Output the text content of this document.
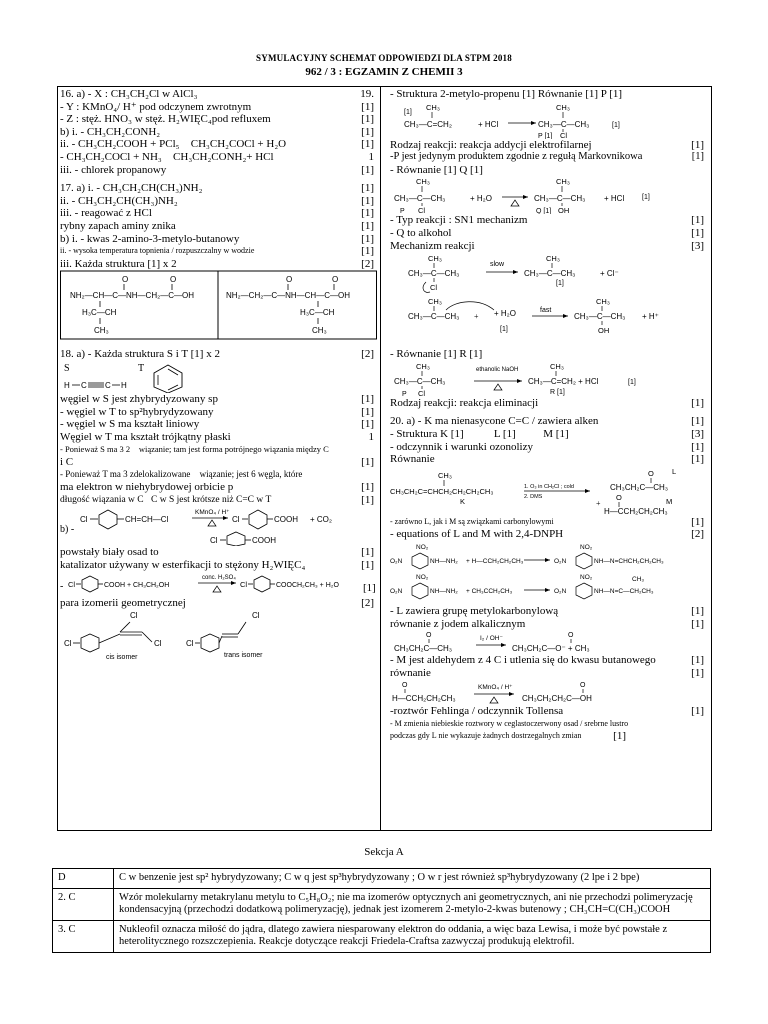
SYMULACYJNY SCHEMAT ODPOWIEDZI DLA STPM 2018
962 / 3 : EGZAMIN Z CHEMII 3
16. a) - X : CH₃CH₂Cl w AlCl₃	19.
- Y : KMnO₄/ H⁺ pod odczynem zwrotnym	[1]
- Z : stęż. HNO₃ w stęż. H₂WIĘC₄pod refluxem	[1]
b) i. - CH₃CH₂CONH₂	[1]
ii. - CH₃CH₂COOH + PCl₅⃞ CH₃CH₂COCl + H₂O	[1]
- CH₃CH₂COCl + NH₃⃞ CH₃CH₂CONH₂+ HCl	1
iii. - chlorek propanowy	[1]
17. a) i. - CH₃CH₂CH(CH₃)NH₂	[1]
ii. - CH₃CH₂CH(CH₃)NH₂	[1]
iii. - reagować z HCl	[1]
rybny zapach aminy znika	[1]
b) i. - kwas 2-amino-3-metylo-butanowy	[1]
ii. - wysoka temperatura topnienia / rozpuszczalny w wodzie	[1]
iii. Każda struktura [1] x 2	[2]
O	O
NH₂—CH—C—NH—CH₂—C—OH
H₃C—CH
CH₃
O	O
NH₂—CH₂—C—NH—CH—C—OH
H₃C—CH
CH₃
18. a) - Każda struktura S i T [1] x 2	[2]
S	T
H C C H
węgiel w S jest zhybrydyzowany sp	[1]
- węgiel w T to sp²hybrydyzowany	[1]
- węgiel w S ma kształt liniowy	[1]
Węgiel w T ma kształt trójkątny płaski	1
- Ponieważ S ma 3 2⃞ wiązanie; tam jest forma potrójnego wiązania między C
i C	[1]
- Ponieważ T ma 3 zdelokalizowane⃞ wiązanie; jest 6 węgla, które
ma elektron w niehybrydowej orbicie p	[1]
długość wiązania w C⃞C w S jest krótsze niż C=C w T	[1]
b) -
Cl	CH=CH—Cl
KMnO₄ / H⁺
Cl	COOH + CO₂
Cl	COOH
powstały biały osad to	[1]
katalizator używany w esterfikacji to stężony H₂WIĘC₄	[1]
- Cl	COOH + CH₃CH₂OH
conc. H₂SO₄
Cl	COOCH₂CH₃ + H₂O [1]
para izomerii geometrycznej	[2]
Cl
Cl
Cl
cis isomer
Cl
Cl
trans isomer
- Struktura 2-metylo-propenu [1] Równanie [1] P [1]
CH₃
[1]
CH₃—C=CH₂	+ HCl
CH₃
CH₃—C—CH₃	[1]
P [1] Cl
Rodzaj reakcji: reakcja addycji elektrofilarnej	[1]
-P jest jedynym produktem zgodnie z regułą Markovnikowa	[1]
- Równanie [1] Q [1]
CH₃
CH₃—C—CH₃
P Cl
+ H₂O
CH₃
CH₃—C—CH₃ + HCl	[1]
Q [1] OH
- Typ reakcji : SN1 mechanizm	[1]
- Q to alkohol	[1]
Mechanizm reakcji	[3]
CH₃
CH₃—C—CH₃
Cl
slow
CH₃
CH₃—C—CH₃
[1]
+ Cl⁻
CH₃
CH₃—C—CH₃ + + H₂O
[1]
fast
CH₃
CH₃—C—CH₃
OH
+ H⁺
- Równanie [1] R [1]
CH₃
CH₃—C—CH₃
P Cl
ethanolic NaOH	CH₃
CH₃—C=CH₂ + HCl	[1]
R [1]
Rodzaj reakcji: reakcja eliminacji	[1]
20. a) - K ma nienasycone C=C / zawiera alken	[1]
- Struktura K [1]           L [1]          M [1]	[3]
- odczynnik i warunki ozonolizy	[1]
Równanie	[1]
CH₃
CH₃CH₂C=CHCH₂CH₂CH₂CH₃
K
1. O₃ in CH₂Cl ; cold
2. DMS
L
O
CH₃CH₂C—CH₃
+
O
H—CCH₂CH₂CH₃
M
- zarówno L, jak i M są związkami carbonylowymi	[1]
- equations of L and M with 2,4-DNPH	[2]
NO₂
O₂N	NH—NH₂ + H—CCH₂CH₂CH₃
NO₂
O₂N	NH—N=CHCH₂CH₂CH₃
NO₂
O₂N	NH—NH₂ + CH₃CCH₂CH₃
NO₂
O₂N	NH—N=C—CH₂CH₃
CH₃
- L zawiera grupę metylokarbonylową	[1]
równanie z jodem alkalicznym	[1]
O
CH₃CH₂C—CH₃
I₂ / OH⁻	O
CH₃CH₂C—O⁻ + CH₃
- M jest aldehydem z 4 C i utlenia się do kwasu butanowego	[1]
równanie	[1]
O
H—CCH₂CH₂CH₃
KMnO₄ / H⁺	O
CH₃CH₂CH₂C—OH
-roztwór Fehlinga / odczynnik Tollensa	[1]
- M zmienia niebieskie roztwory w ceglastoczerwony osad / srebrne lustro
podczas gdy L nie wykazuje żadnych dostrzegalnych zmian	[1]
Sekcja A
D	C w benzenie jest sp² hybrydyzowany; C w q jest sp³hybrydyzowany ; O w r jest również sp³hybrydyzowany (2 lpe i 2 bpe)
2. C	Wzór molekularny metakrylanu metylu to C₅H₈O₂; nie ma izomerów optycznych ani geometrycznych, ani nie przechodzi polimeryzację kondensacyjną (przechodzi dodatkową polimeryzację), jednak jest izomerem 2-metylo-2-kwas butenowy ; CH₃CH=C(CH₃)COOH
3. C	Nukleofil oznacza miłość do jądra, dlatego zawiera niesparowany elektron do oddania, a więc baza Lewisa, i może być powstałe z heterolitycznego rozszczepienia. Reakcje dotyczące reakcji Friedela-Craftsa zazwyczaj produkują elektrofil.
